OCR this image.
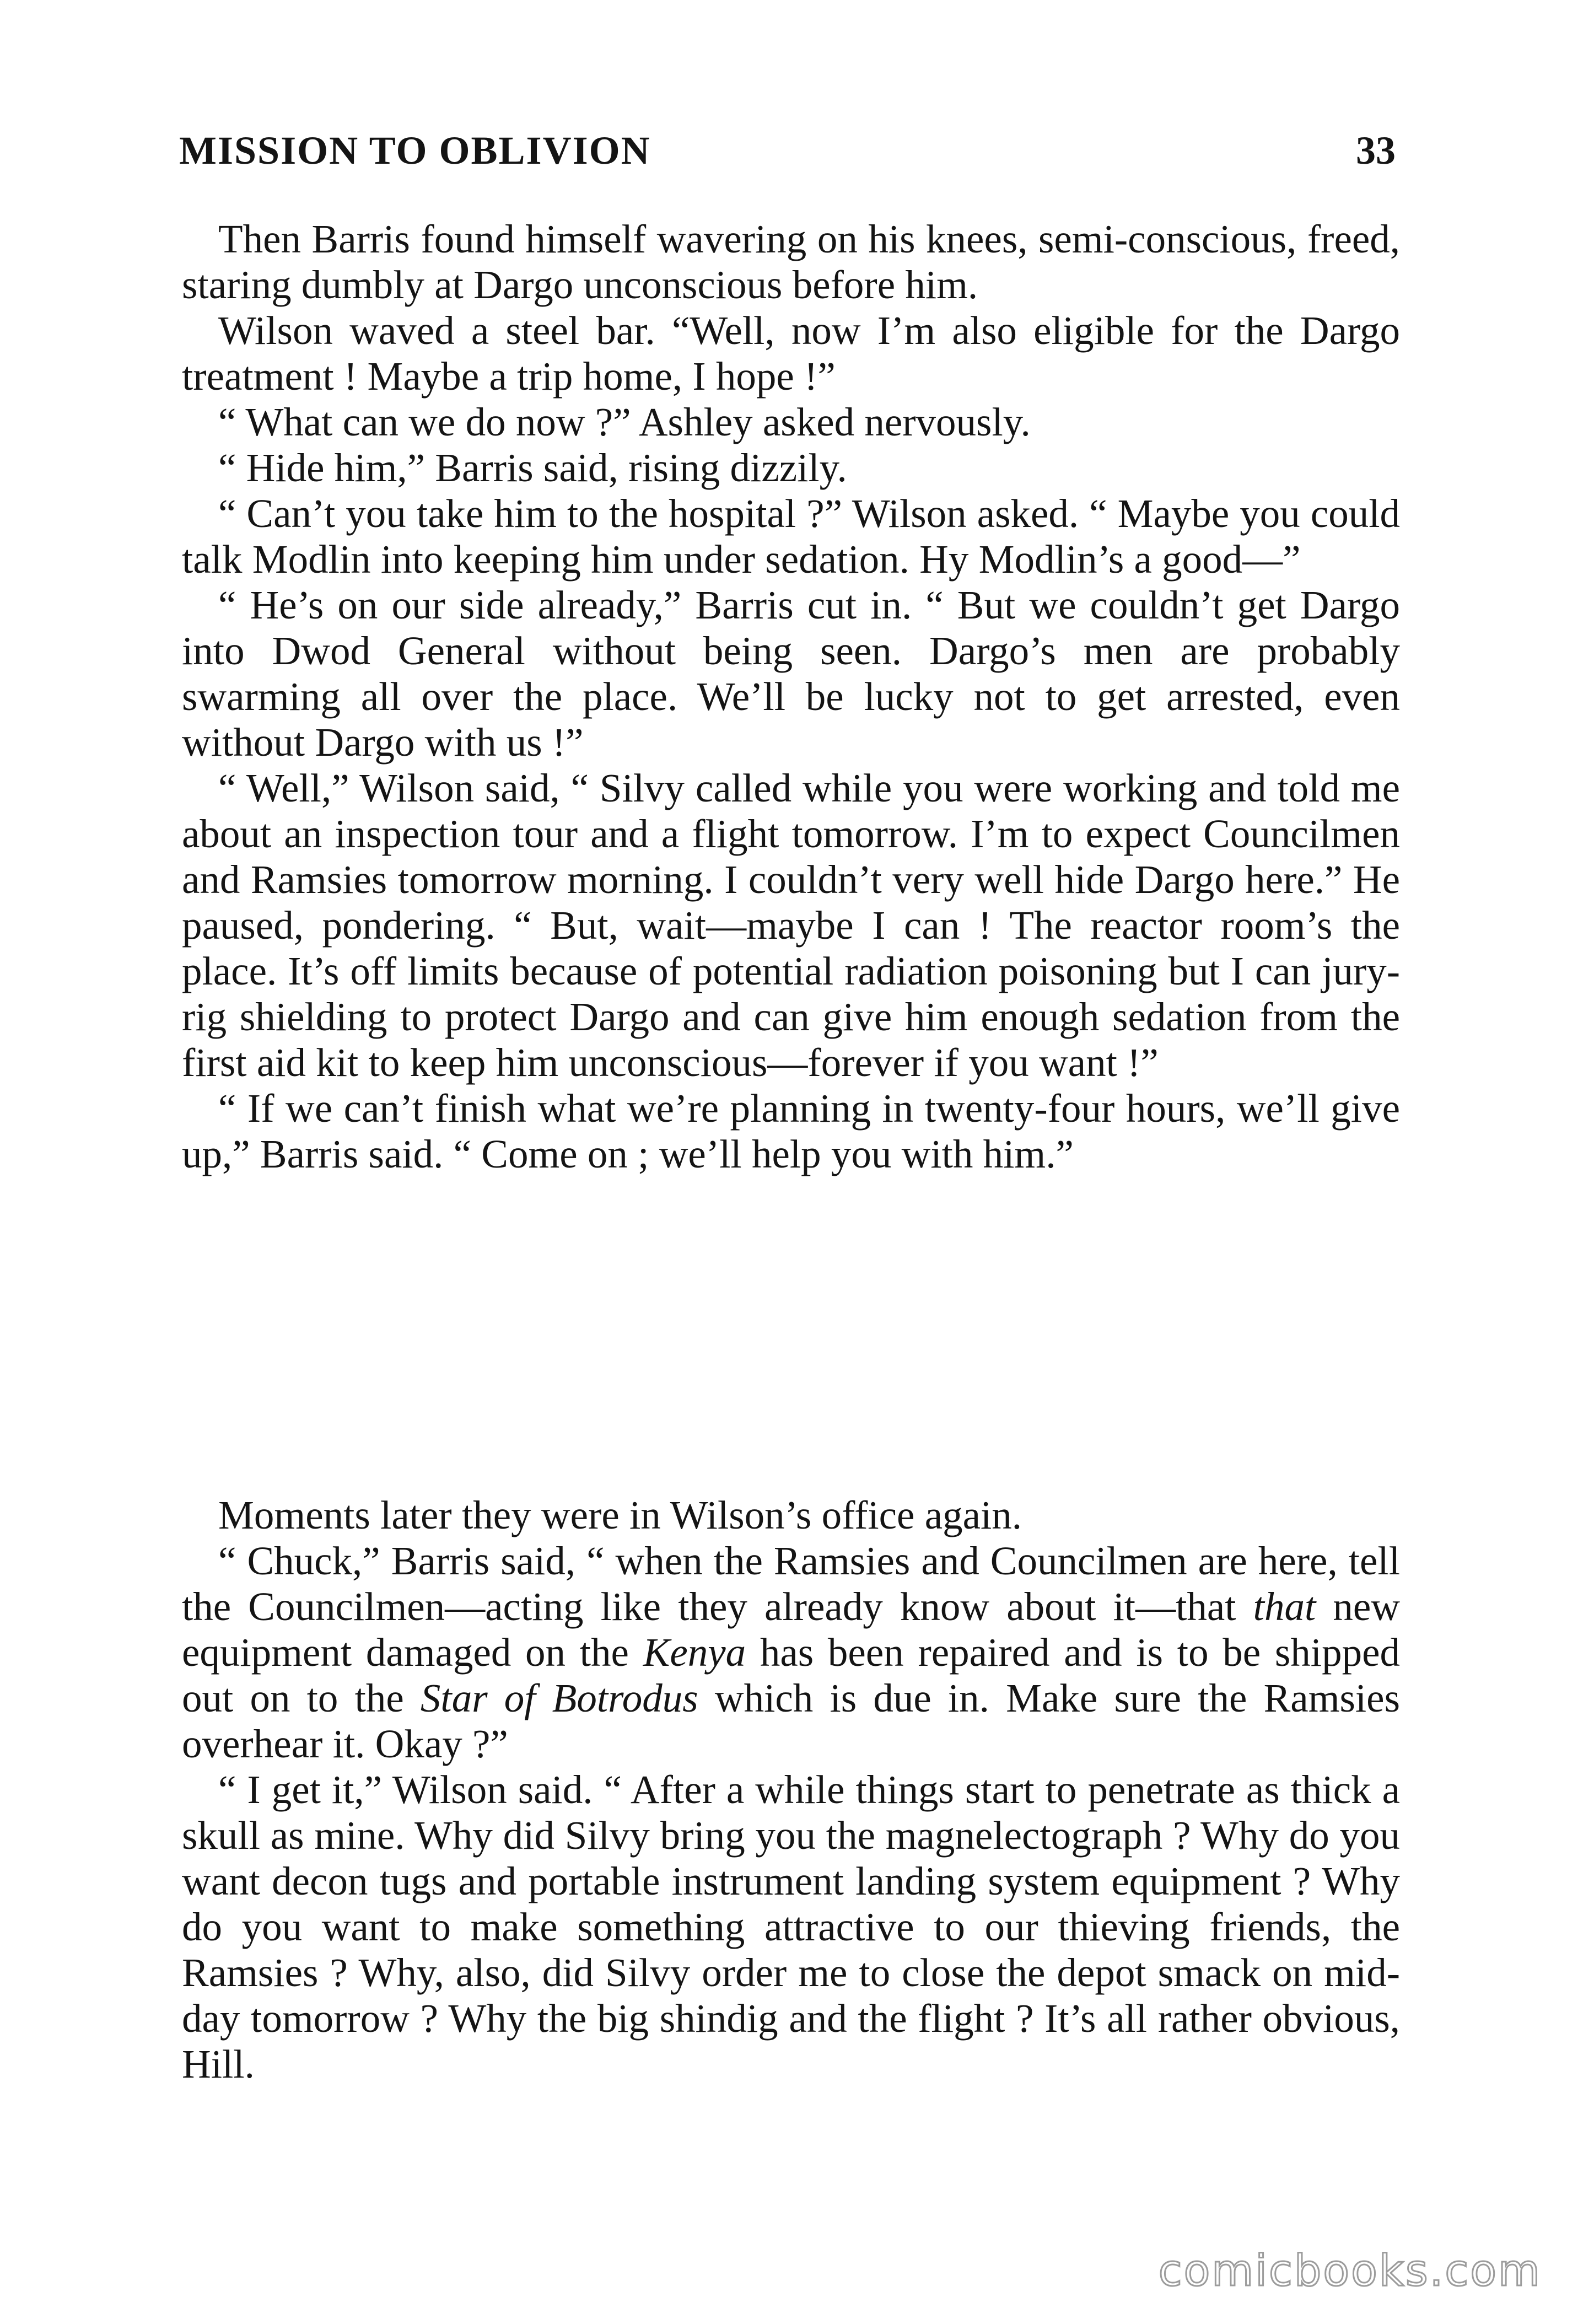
MISSION TO OBLIVION	33

Then Barris found himself wavering on his knees, semi-conscious, freed, staring dumbly at Dargo unconscious before him.

Wilson waved a steel bar. “Well, now I’m also eligible for the Dargo treatment ! Maybe a trip home, I hope !”

“ What can we do now ?” Ashley asked nervously.

“ Hide him,” Barris said, rising dizzily.

“ Can’t you take him to the hospital ?” Wilson asked. “ Maybe you could talk Modlin into keeping him under sedation. Hy Modlin’s a good—”

“ He’s on our side already,” Barris cut in. “ But we couldn’t get Dargo into Dwod General without being seen. Dargo’s men are probably swarming all over the place. We’ll be lucky not to get arrested, even without Dargo with us !”

“ Well,” Wilson said, “ Silvy called while you were working and told me about an inspection tour and a flight tomorrow. I’m to expect Councilmen and Ramsies tomorrow morning. I couldn’t very well hide Dargo here.” He paused, pondering. “ But, wait—maybe I can ! The reactor room’s the place. It’s off limits because of potential radiation poisoning but I can jury-rig shielding to protect Dargo and can give him enough sedation from the first aid kit to keep him unconscious—forever if you want !”

“ If we can’t finish what we’re planning in twenty-four hours, we’ll give up,” Barris said. “ Come on ; we’ll help you with him.”

Moments later they were in Wilson’s office again.

“ Chuck,” Barris said, “ when the Ramsies and Councilmen are here, tell the Councilmen—acting like they already know about it—that that new equipment damaged on the Kenya has been repaired and is to be shipped out on to the Star of Botrodus which is due in. Make sure the Ramsies overhear it. Okay ?”

“ I get it,” Wilson said. “ After a while things start to penetrate as thick a skull as mine. Why did Silvy bring you the magnelectograph ? Why do you want decon tugs and portable instrument landing system equipment ? Why do you want to make something attractive to our thieving friends, the Ramsies ? Why, also, did Silvy order me to close the depot smack on mid-day tomorrow ? Why the big shindig and the flight ? It’s all rather obvious, Hill.

comicbooks.com
